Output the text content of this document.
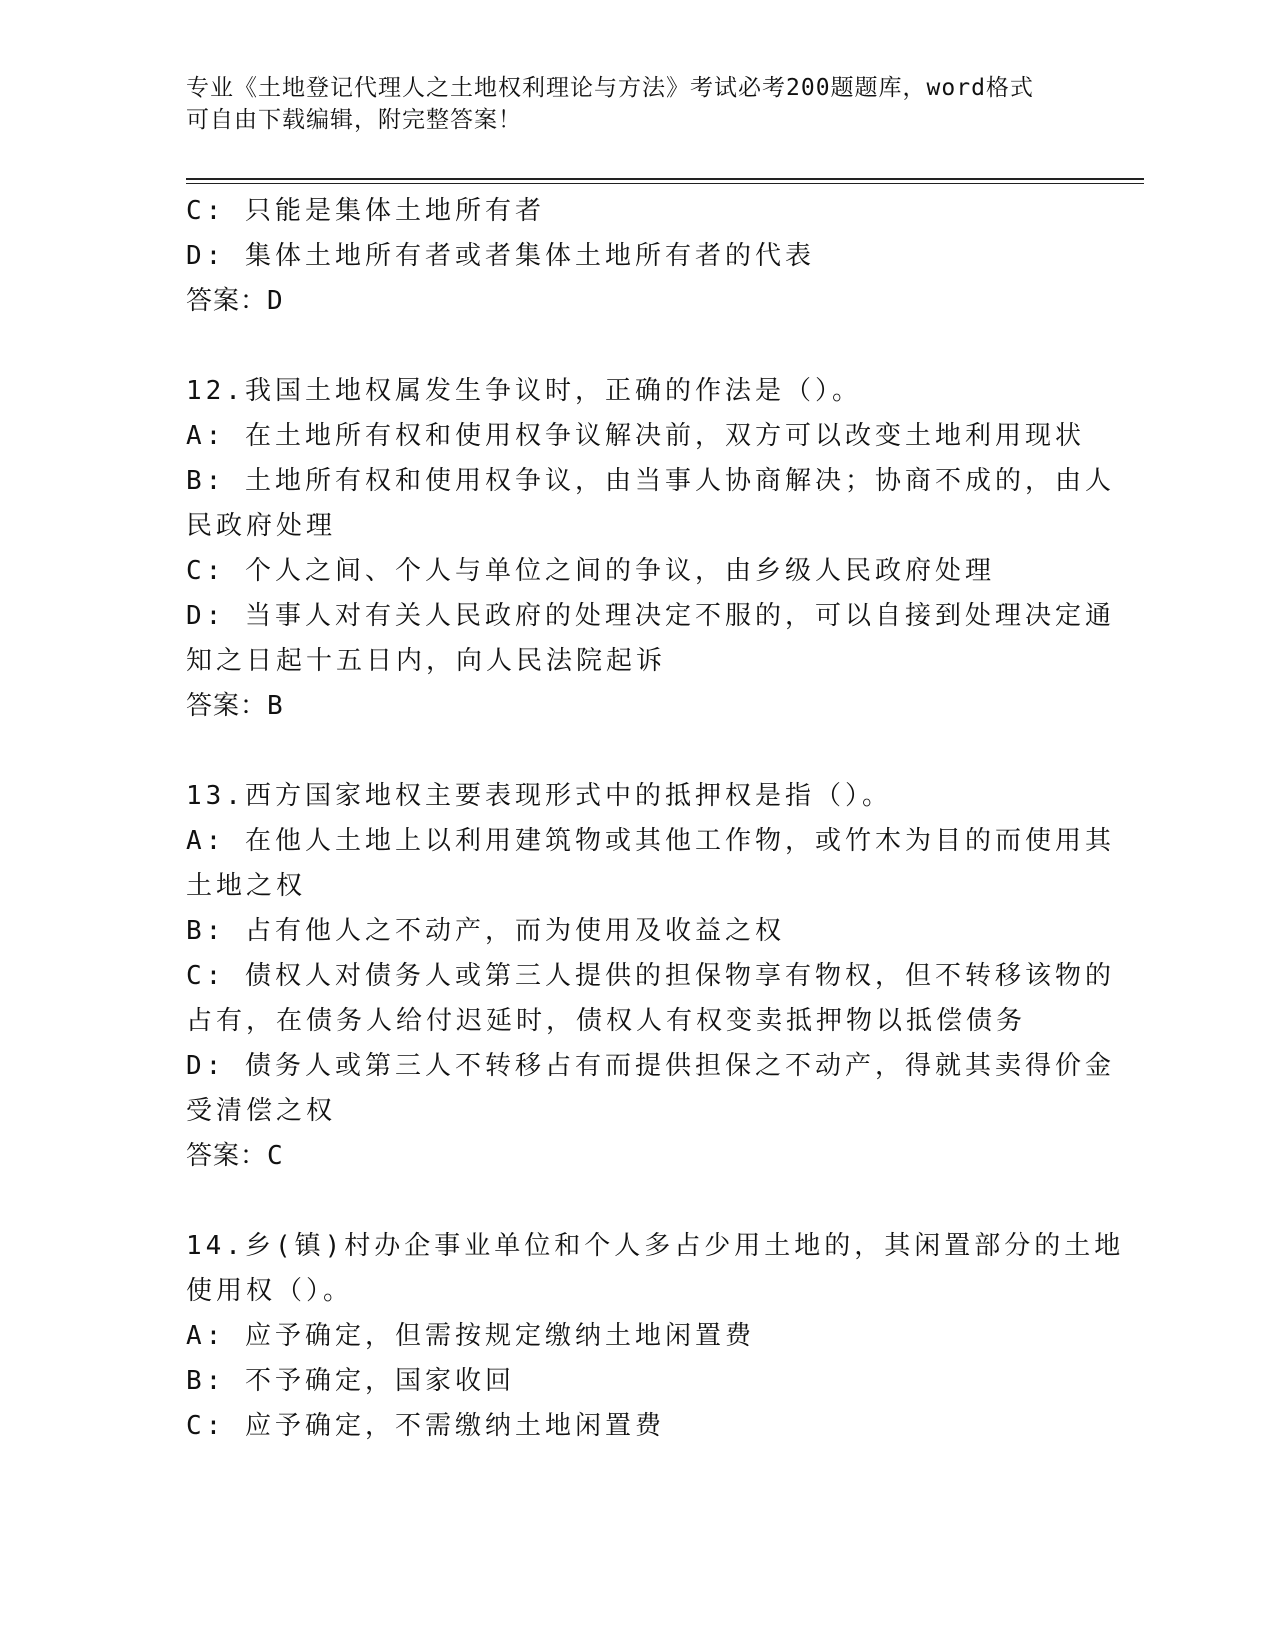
专业《土地登记代理人之土地权利理论与方法》考试必考200题题库，word格式
可自由下载编辑，附完整答案！
C: 只能是集体土地所有者
D: 集体土地所有者或者集体土地所有者的代表
答案：D
12.我国土地权属发生争议时，正确的作法是（）。
A: 在土地所有权和使用权争议解决前，双方可以改变土地利用现状
B: 土地所有权和使用权争议，由当事人协商解决；协商不成的，由人
民政府处理
C: 个人之间、个人与单位之间的争议，由乡级人民政府处理
D: 当事人对有关人民政府的处理决定不服的，可以自接到处理决定通
知之日起十五日内，向人民法院起诉
答案：B
13.西方国家地权主要表现形式中的抵押权是指（）。
A: 在他人土地上以利用建筑物或其他工作物，或竹木为目的而使用其
土地之权
B: 占有他人之不动产，而为使用及收益之权
C: 债权人对债务人或第三人提供的担保物享有物权，但不转移该物的
占有，在债务人给付迟延时，债权人有权变卖抵押物以抵偿债务
D: 债务人或第三人不转移占有而提供担保之不动产，得就其卖得价金
受清偿之权
答案：C
14.乡(镇)村办企事业单位和个人多占少用土地的，其闲置部分的土地
使用权（）。
A: 应予确定，但需按规定缴纳土地闲置费
B: 不予确定，国家收回
C: 应予确定，不需缴纳土地闲置费
